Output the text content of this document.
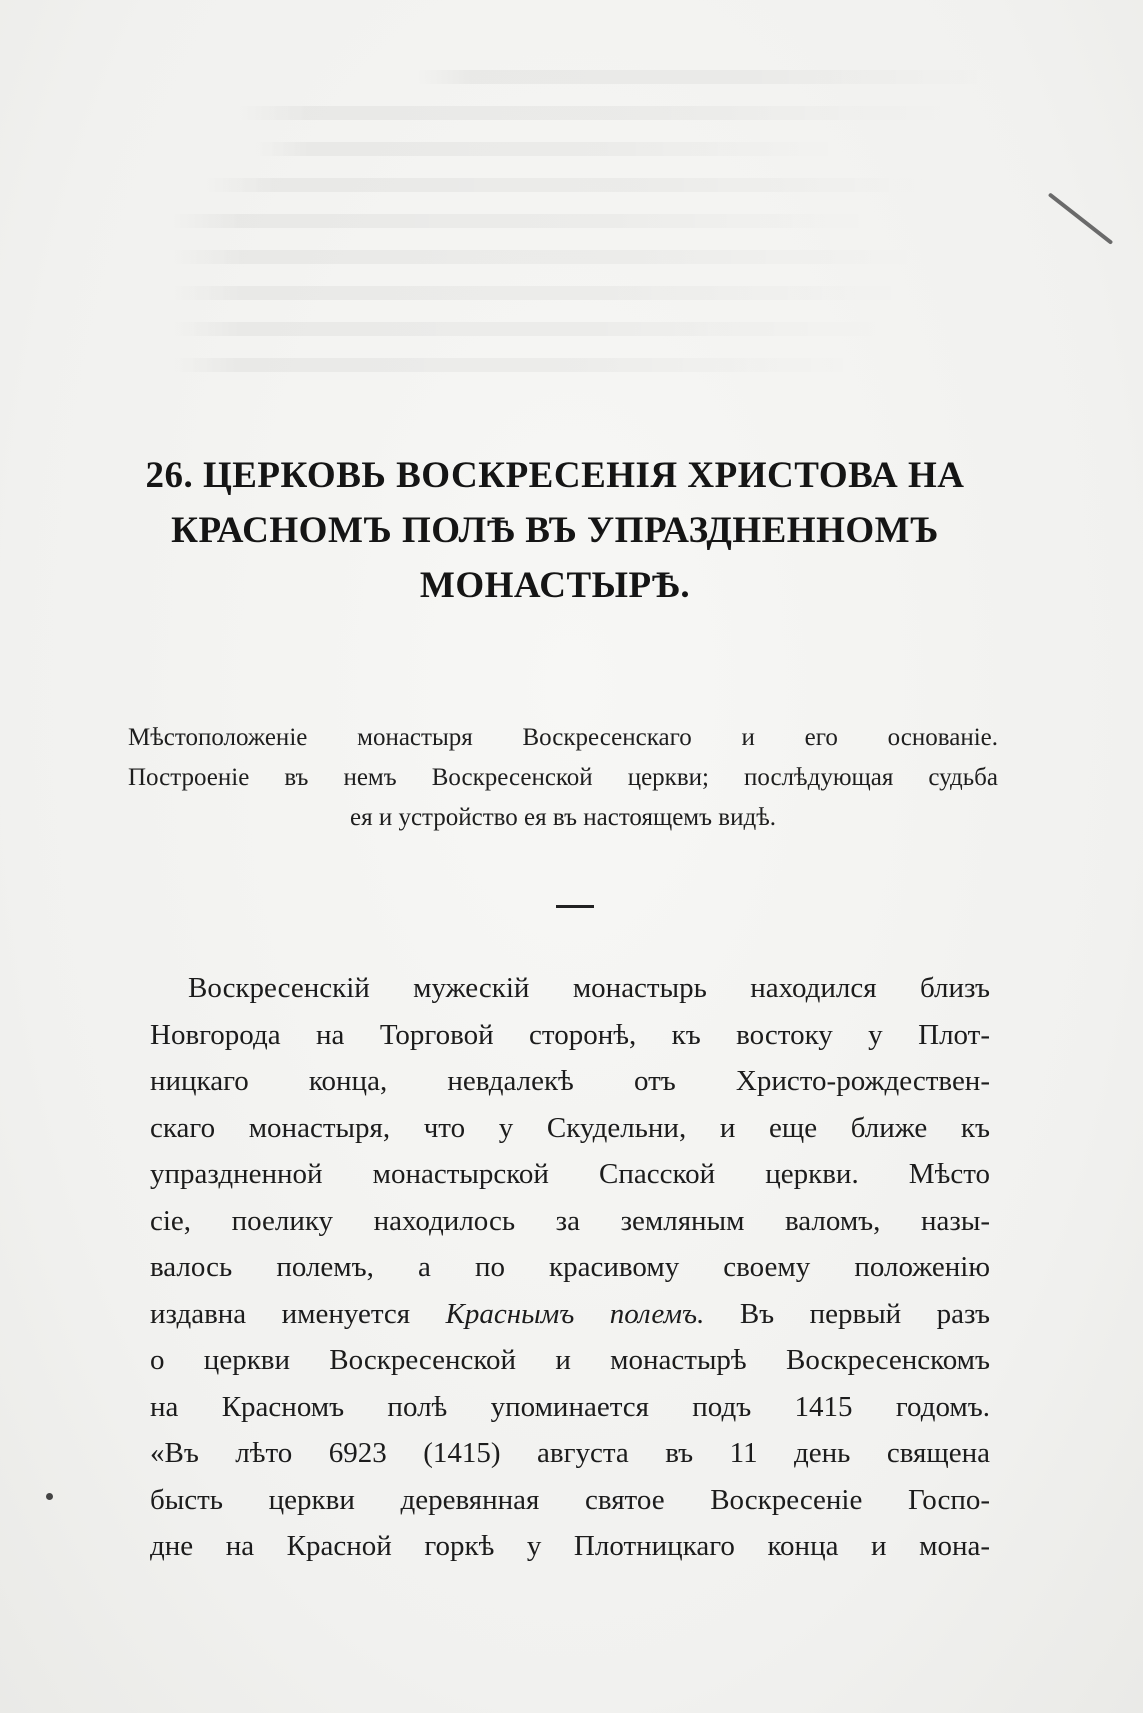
26. ЦЕРКОВЬ ВОСКРЕСЕНІЯ ХРИСТОВА НА
КРАСНОМЪ ПОЛѢ ВЪ УПРАЗДНЕННОМЪ
МОНАСТЫРѢ.
Мѣстоположеніе монастыря Воскресенскаго и его основаніе.
Построеніе въ немъ Воскресенской церкви; послѣдующая судьба
ея и устройство ея въ настоящемъ видѣ.
Воскресенскій мужескій монастырь находился близъ
Новгорода на Торговой сторонѣ, къ востоку у Плот-
ницкаго конца, невдалекѣ отъ Христо-рождествен-
скаго монастыря, что у Скудельни, и еще ближе къ
упраздненной монастырской Спасской церкви. Мѣсто
сіе, поелику находилось за земляным валомъ, назы-
валось полемъ, а по красивому своему положенію
издавна именуется Краснымъ полемъ. Въ первый разъ
о церкви Воскресенской и монастырѣ Воскресенскомъ
на Красномъ полѣ упоминается подъ 1415 годомъ.
«Въ лѣто 6923 (1415) августа въ 11 день священа
бысть церкви деревянная святое Воскресеніе Госпо-
дне на Красной горкѣ у Плотницкаго конца и мона-
